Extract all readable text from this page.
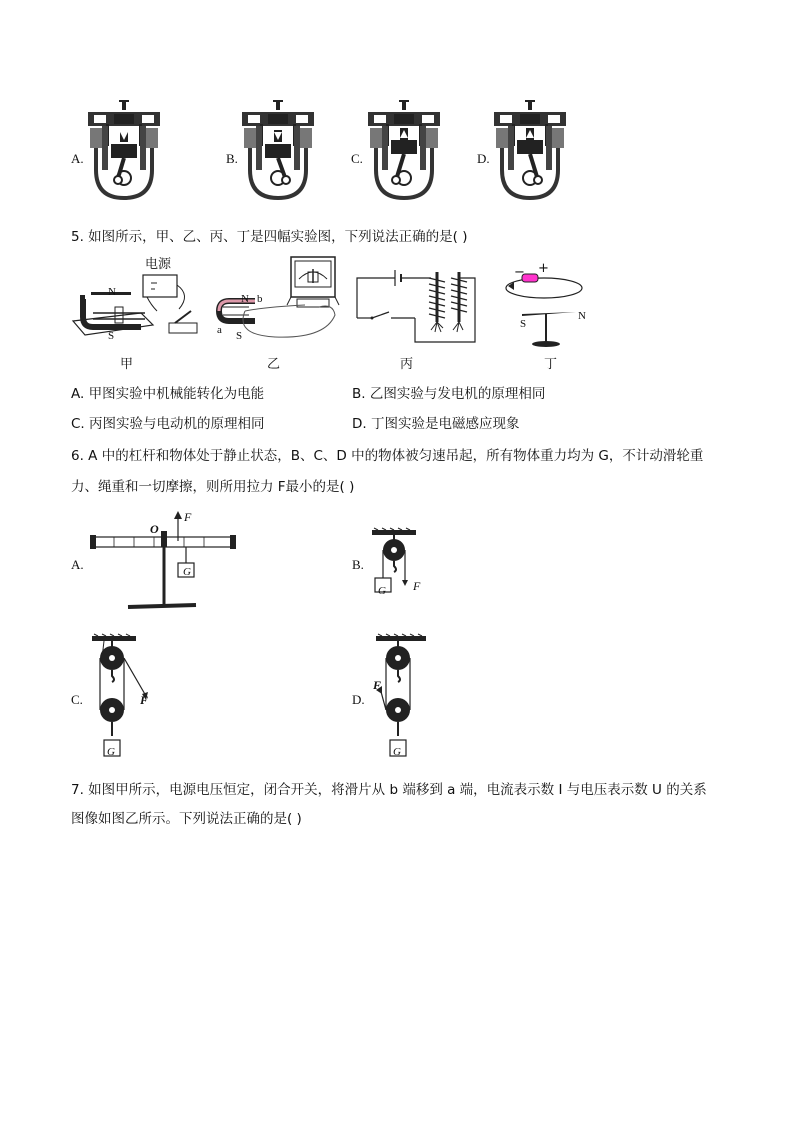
A.	B.	C.	D.
5. 如图所示，甲、乙、丙、丁是四幅实验图，下列说法正确的是( )
电源
N
S
N b
a S
− +
S
N
甲	乙	丙	丁
A. 甲图实验中机械能转化为电能	B. 乙图实验与发电机的原理相同
C. 丙图实验与电动机的原理相同	D. 丁图实验是电磁感应现象
6. A 中的杠杆和物体处于静止状态，B、C、D 中的物体被匀速吊起，所有物体重力均为 G，不计动滑轮重
力、绳重和一切摩擦，则所用拉力 F最小的是( )
A.	B.
C.	D.
O
F
G
F
G
F
G
F
G
7. 如图甲所示，电源电压恒定，闭合开关，将滑片从 b 端移到 a 端，电流表示数 I 与电压表示数 U 的关系
图像如图乙所示。下列说法正确的是( )
